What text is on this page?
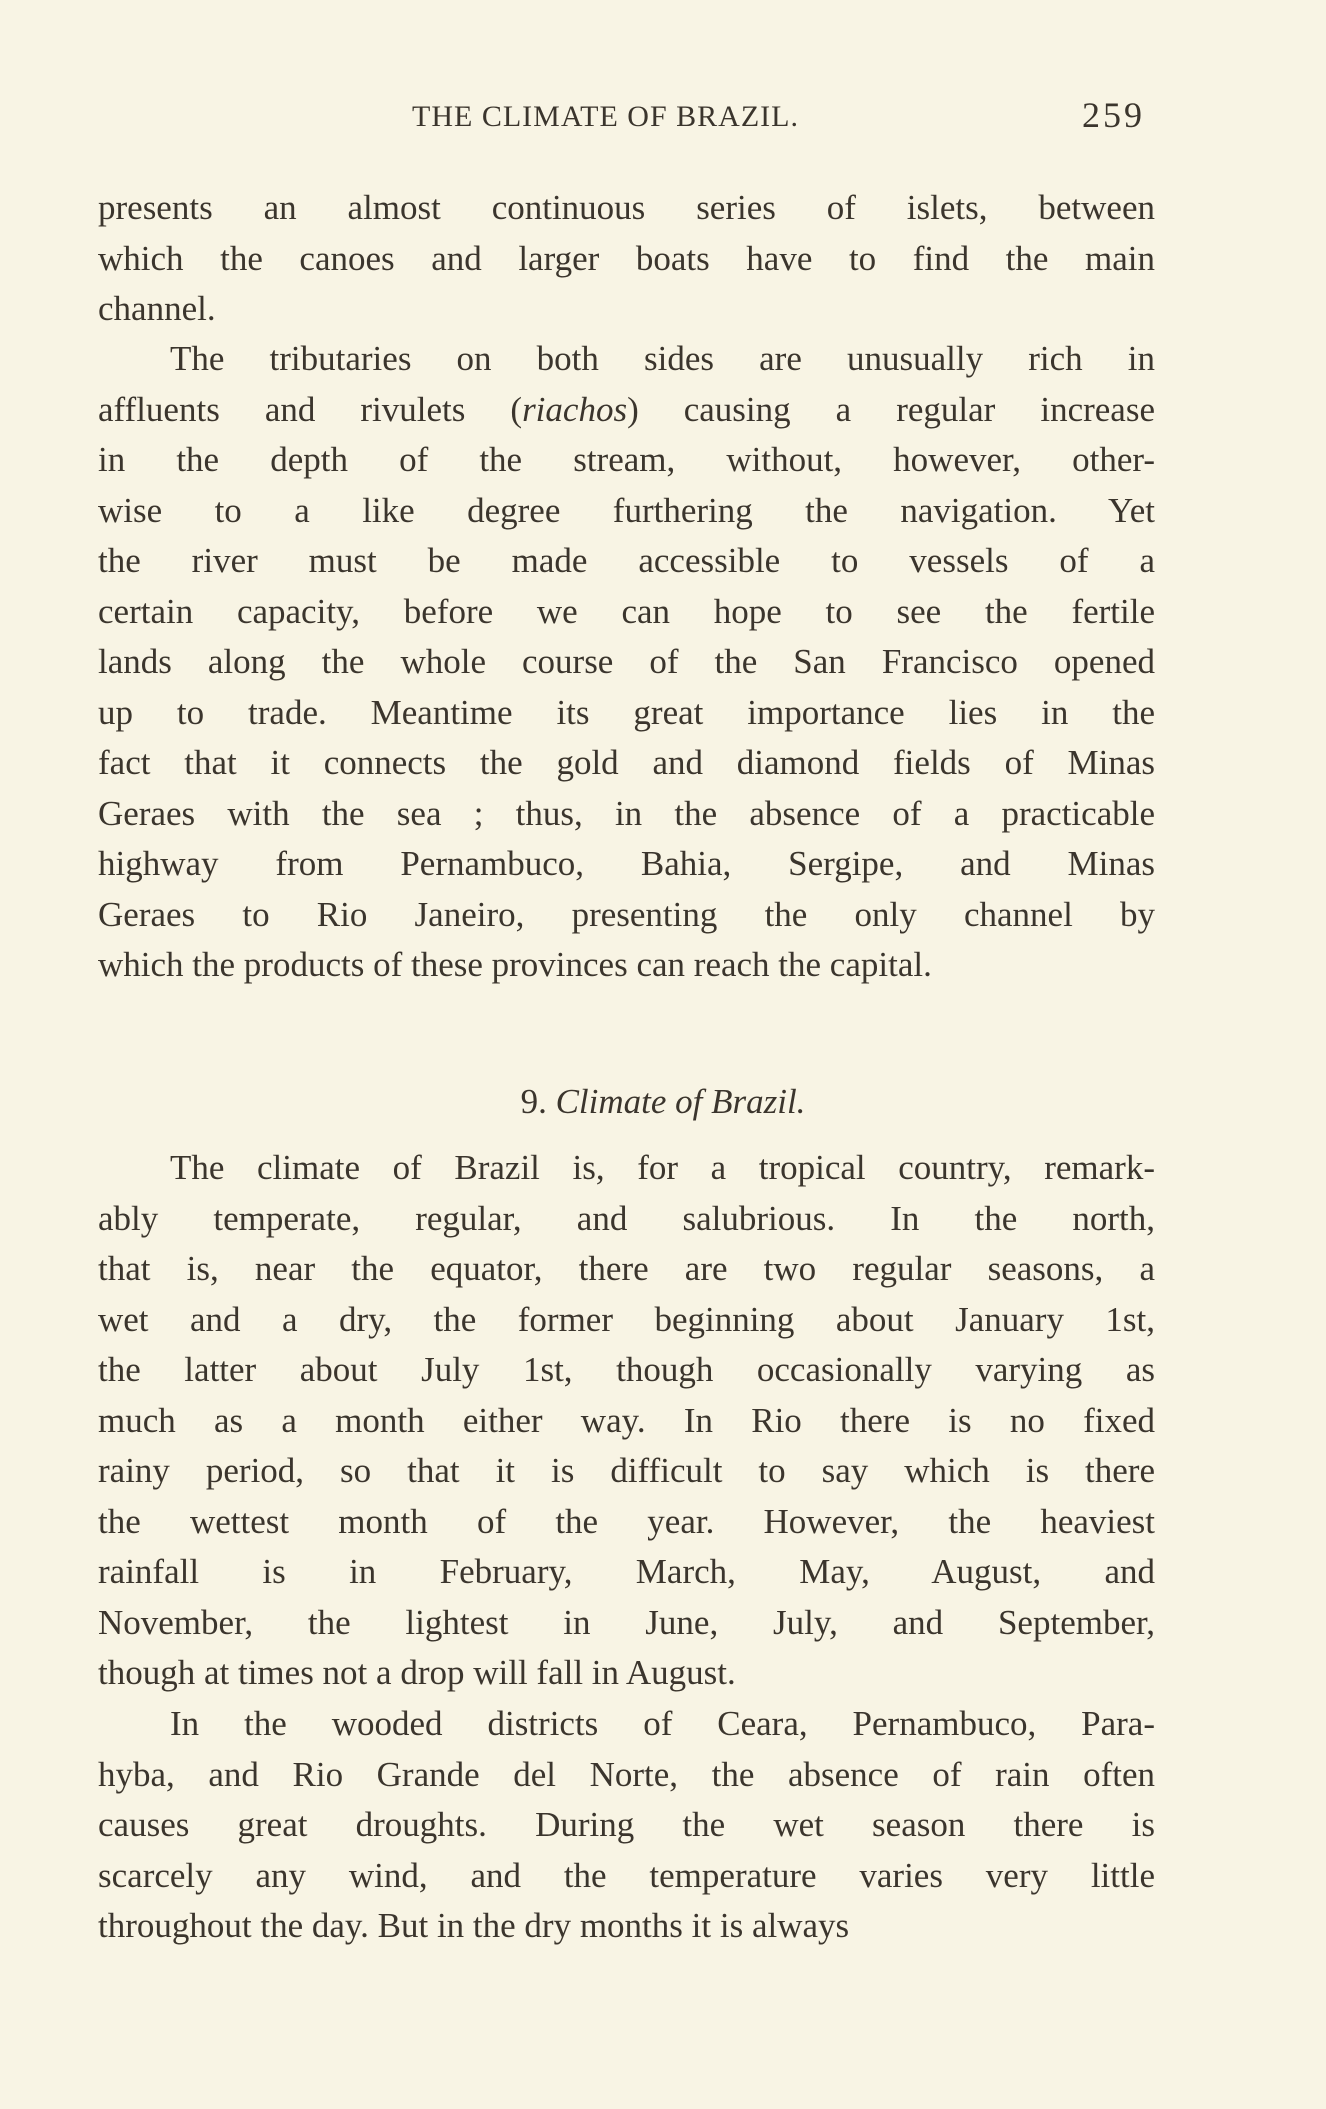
THE CLIMATE OF BRAZIL.	259
9. Climate of Brazil.
presents an almost continuous series of islets, between
which the canoes and larger boats have to find the main
channel.
The tributaries on both sides are unusually rich in
affluents and rivulets (riachos) causing a regular increase
in the depth of the stream, without, however, other-
wise to a like degree furthering the navigation. Yet
the river must be made accessible to vessels of a
certain capacity, before we can hope to see the fertile
lands along the whole course of the San Francisco opened
up to trade. Meantime its great importance lies in the
fact that it connects the gold and diamond fields of Minas
Geraes with the sea ; thus, in the absence of a practicable
highway from Pernambuco, Bahia, Sergipe, and Minas
Geraes to Rio Janeiro, presenting the only channel by
which the products of these provinces can reach the capital.
The climate of Brazil is, for a tropical country, remark-
ably temperate, regular, and salubrious. In the north,
that is, near the equator, there are two regular seasons, a
wet and a dry, the former beginning about January 1st,
the latter about July 1st, though occasionally varying as
much as a month either way. In Rio there is no fixed
rainy period, so that it is difficult to say which is there
the wettest month of the year. However, the heaviest
rainfall is in February, March, May, August, and
November, the lightest in June, July, and September,
though at times not a drop will fall in August.
In the wooded districts of Ceara, Pernambuco, Para-
hyba, and Rio Grande del Norte, the absence of rain often
causes great droughts. During the wet season there is
scarcely any wind, and the temperature varies very little
throughout the day. But in the dry months it is always
